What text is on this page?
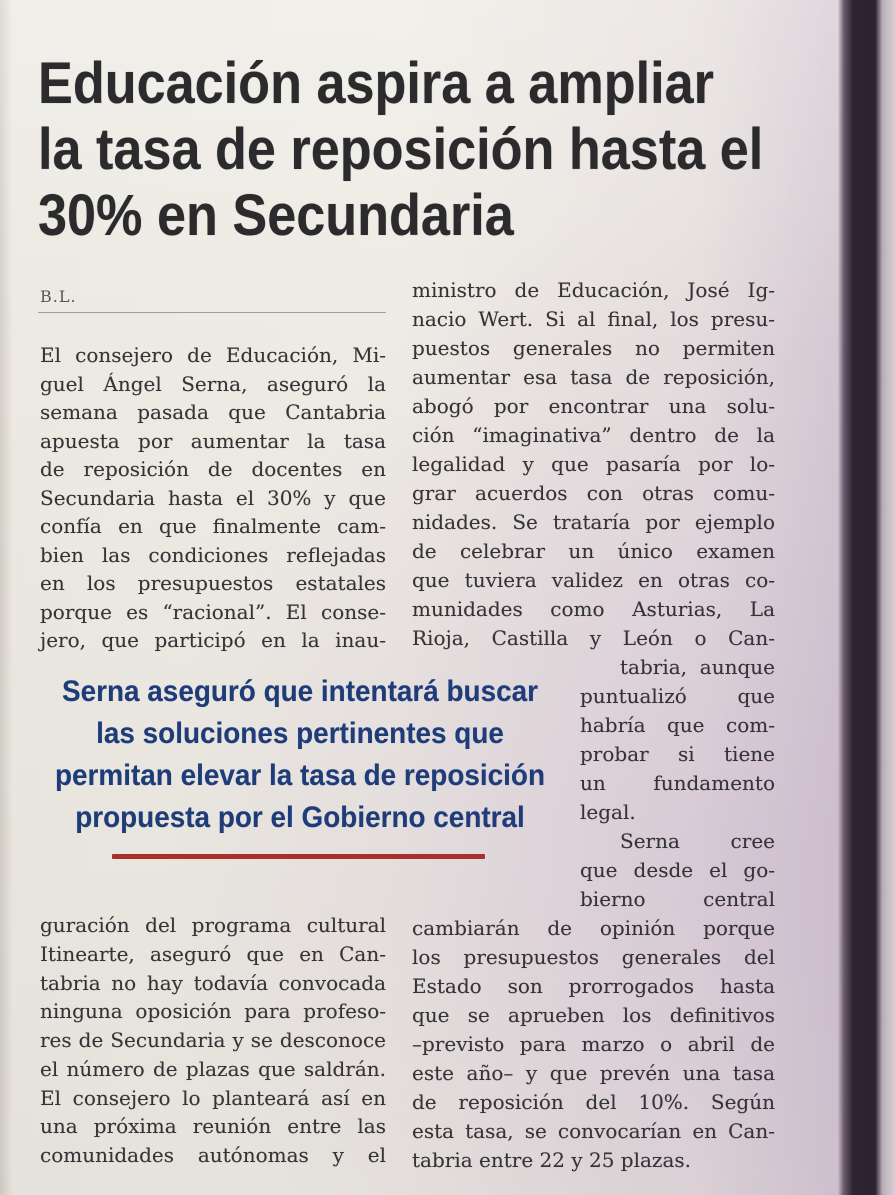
Educación aspira a ampliar
la tasa de reposición hasta el
30% en Secundaria
B.L.
El consejero de Educación, Mi-
guel Ángel Serna, aseguró la
semana pasada que Cantabria
apuesta por aumentar la tasa
de reposición de docentes en
Secundaria hasta el 30% y que
confía en que finalmente cam-
bien las condiciones reflejadas
en los presupuestos estatales
porque es “racional”. El conse-
jero, que participó en la inau-
Serna aseguró que intentará buscar
las soluciones pertinentes que
permitan elevar la tasa de reposición
propuesta por el Gobierno central
guración del programa cultural
Itinearte, aseguró que en Can-
tabria no hay todavía convocada
ninguna oposición para profeso-
res de Secundaria y se desconoce
el número de plazas que saldrán.
El consejero lo planteará así en
una próxima reunión entre las
comunidades autónomas y el
ministro de Educación, José Ig-
nacio Wert. Si al final, los presu-
puestos generales no permiten
aumentar esa tasa de reposición,
abogó por encontrar una solu-
ción “imaginativa” dentro de la
legalidad y que pasaría por lo-
grar acuerdos con otras comu-
nidades. Se trataría por ejemplo
de celebrar un único examen
que tuviera validez en otras co-
munidades como Asturias, La
Rioja, Castilla y León o Can-
tabria, aunque
puntualizó que
habría que com-
probar si tiene
un fundamento
legal.
Serna cree
que desde el go-
bierno central
cambiarán de opinión porque
los presupuestos generales del
Estado son prorrogados hasta
que se aprueben los definitivos
–previsto para marzo o abril de
este año– y que prevén una tasa
de reposición del 10%. Según
esta tasa, se convocarían en Can-
tabria entre 22 y 25 plazas.
